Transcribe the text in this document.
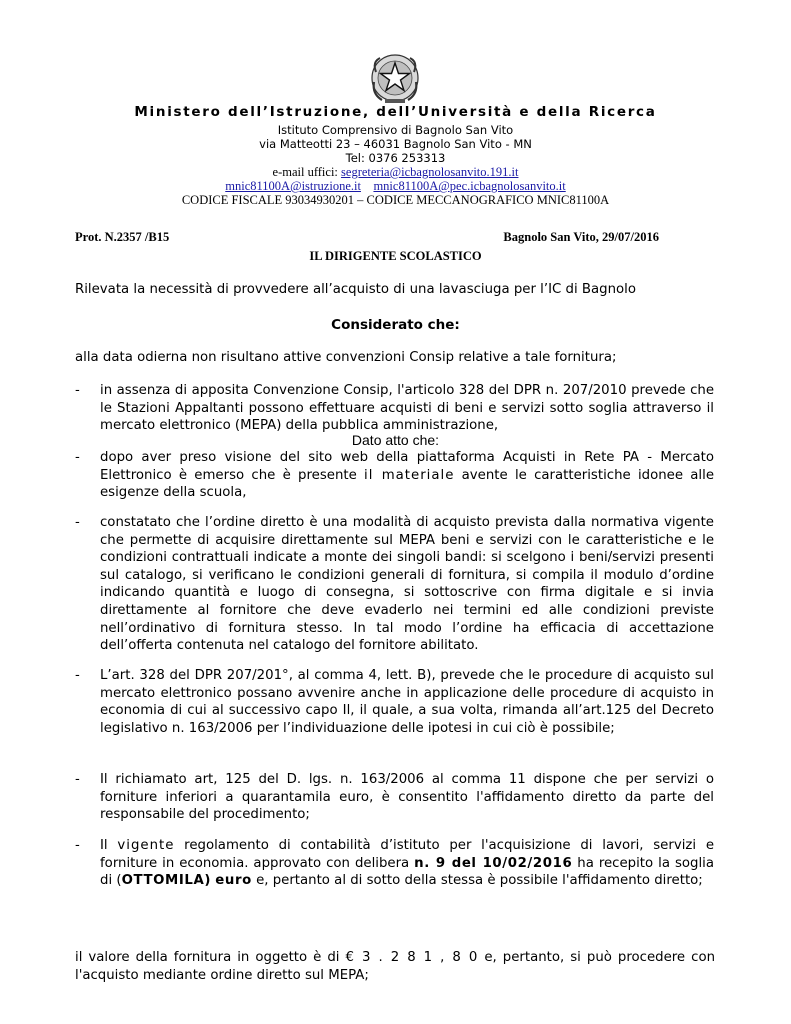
Ministero dell’Istruzione, dell’Università e della Ricerca
Istituto Comprensivo di Bagnolo San Vito
via Matteotti 23 – 46031 Bagnolo San Vito - MN
Tel: 0376 253313
e-mail uffici: segreteria@icbagnolosanvito.191.it
mnic81100A@istruzione.it mnic81100A@pec.icbagnolosanvito.it
CODICE FISCALE 93034930201 – CODICE MECCANOGRAFICO MNIC81100A
Prot. N.2357 /B15	Bagnolo San Vito, 29/07/2016
IL DIRIGENTE SCOLASTICO
Rilevata la necessità di provvedere all’acquisto di una lavasciuga per l’IC di Bagnolo
Considerato che:
alla data odierna non risultano attive convenzioni Consip relative a tale fornitura;
- in assenza di apposita Convenzione Consip, l'articolo 328 del DPR n. 207/2010 prevede che le Stazioni Appaltanti possono effettuare acquisti di beni e servizi sotto soglia attraverso il mercato elettronico (MEPA) della pubblica amministrazione,
Dato atto che:
- dopo aver preso visione del sito web della piattaforma Acquisti in Rete PA - Mercato Elettronico è emerso che è presente il materiale avente le caratteristiche idonee alle esigenze della scuola,
- constatato che l’ordine diretto è una modalità di acquisto prevista dalla normativa vigente che permette di acquisire direttamente sul MEPA beni e servizi con le caratteristiche e le condizioni contrattuali indicate a monte dei singoli bandi: si scelgono i beni/servizi presenti sul catalogo, si verificano le condizioni generali di fornitura, si compila il modulo d’ordine indicando quantità e luogo di consegna, si sottoscrive con firma digitale e si invia direttamente al fornitore che deve evaderlo nei termini ed alle condizioni previste nell’ordinativo di fornitura stesso. In tal modo l’ordine ha efficacia di accettazione dell’offerta contenuta nel catalogo del fornitore abilitato.
- L’art. 328 del DPR 207/201°, al comma 4, lett. B), prevede che le procedure di acquisto sul mercato elettronico possano avvenire anche in applicazione delle procedure di acquisto in economia di cui al successivo capo Il, il quale, a sua volta, rimanda all’art.125 del Decreto legislativo n. 163/2006 per l’individuazione delle ipotesi in cui ciò è possibile;
- Il richiamato art, 125 del D. lgs. n. 163/2006 al comma 11 dispone che per servizi o forniture inferiori a quarantamila euro, è consentito l'affidamento diretto da parte del responsabile del procedimento;
- Il vigente regolamento di contabilità d’istituto per l'acquisizione di lavori, servizi e forniture in economia. approvato con delibera n. 9 del 10/02/2016 ha recepito la soglia di (OTTOMILA) euro e, pertanto al di sotto della stessa è possibile l'affidamento diretto;
il valore della fornitura in oggetto è di € 3 . 2 8 1 , 8 0 e, pertanto, si può procedere con l'acquisto mediante ordine diretto sul MEPA;
